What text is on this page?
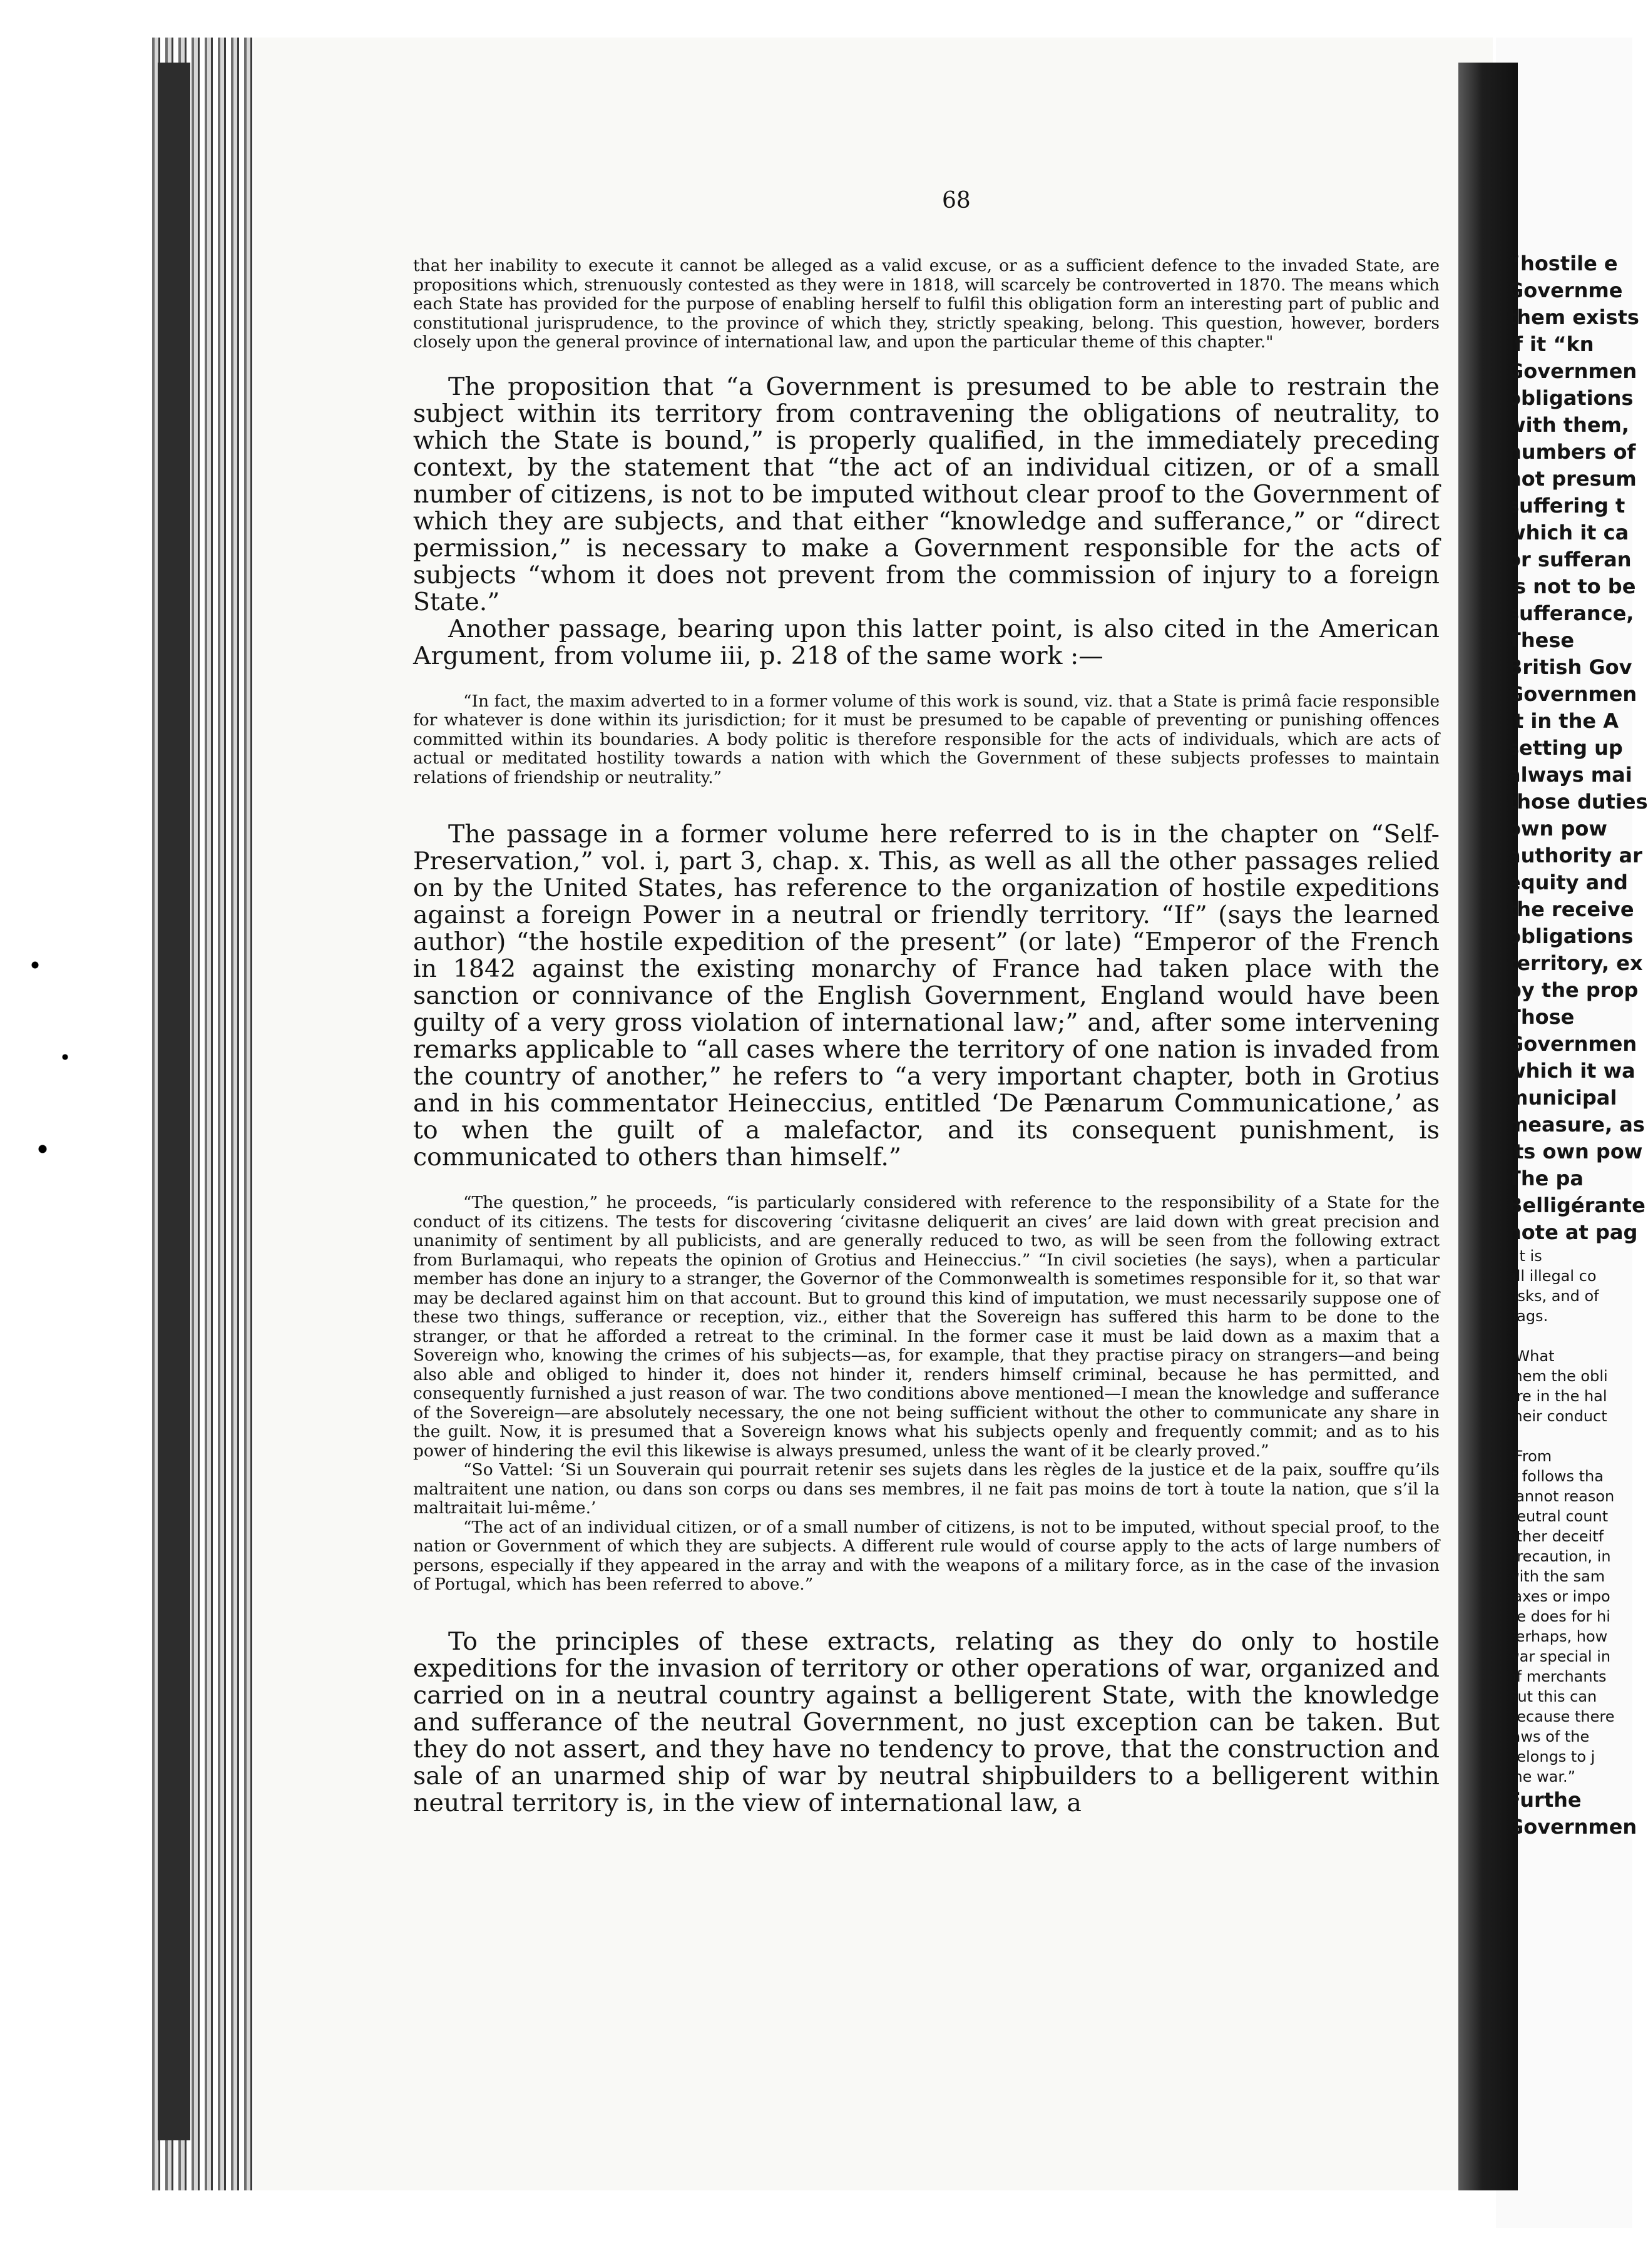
68

that her inability to execute it cannot be alleged as a valid excuse, or as a sufficient defence to the invaded State, are propositions which, strenuously contested as they were in 1818, will scarcely be controverted in 1870. The means which each State has provided for the purpose of enabling herself to fulfil this obligation form an interesting part of public and constitutional jurisprudence, to the province of which they, strictly speaking, belong. This question, however, borders closely upon the general province of international law, and upon the particular theme of this chapter."

The proposition that “a Government is presumed to be able to restrain the subject within its territory from contravening the obligations of neutrality, to which the State is bound,” is properly qualified, in the immediately preceding context, by the statement that “the act of an individual citizen, or of a small number of citizens, is not to be imputed without clear proof to the Government of which they are subjects, and that either “knowledge and sufferance,” or “direct permission,” is necessary to make a Government responsible for the acts of subjects “whom it does not prevent from the commission of injury to a foreign State.”

Another passage, bearing upon this latter point, is also cited in the American Argument, from volume iii, p. 218 of the same work :—

“In fact, the maxim adverted to in a former volume of this work is sound, viz. that a State is primâ facie responsible for whatever is done within its jurisdiction; for it must be presumed to be capable of preventing or punishing offences committed within its boundaries. A body politic is therefore responsible for the acts of individuals, which are acts of actual or meditated hostility towards a nation with which the Government of these subjects professes to maintain relations of friendship or neutrality.”

The passage in a former volume here referred to is in the chapter on “Self-Preservation,” vol. i, part 3, chap. x. This, as well as all the other passages relied on by the United States, has reference to the organization of hostile expeditions against a foreign Power in a neutral or friendly territory. “If” (says the learned author) “the hostile expedition of the present” (or late) “Emperor of the French in 1842 against the existing monarchy of France had taken place with the sanction or connivance of the English Government, England would have been guilty of a very gross violation of international law;” and, after some intervening remarks applicable to “all cases where the territory of one nation is invaded from the country of another,” he refers to “a very important chapter, both in Grotius and in his commentator Heineccius, entitled ‘De Pænarum Communicatione,’ as to when the guilt of a malefactor, and its consequent punishment, is communicated to others than himself.”

“The question,” he proceeds, “is particularly considered with reference to the responsibility of a State for the conduct of its citizens. The tests for discovering ‘civitasne deliquerit an cives’ are laid down with great precision and unanimity of sentiment by all publicists, and are generally reduced to two, as will be seen from the following extract from Burlamaqui, who repeats the opinion of Grotius and Heineccius.” “In civil societies (he says), when a particular member has done an injury to a stranger, the Governor of the Commonwealth is sometimes responsible for it, so that war may be declared against him on that account. But to ground this kind of imputation, we must necessarily suppose one of these two things, sufferance or reception, viz., either that the Sovereign has suffered this harm to be done to the stranger, or that he afforded a retreat to the criminal. In the former case it must be laid down as a maxim that a Sovereign who, knowing the crimes of his subjects—as, for example, that they practise piracy on strangers—and being also able and obliged to hinder it, does not hinder it, renders himself criminal, because he has permitted, and consequently furnished a just reason of war. The two conditions above mentioned—I mean the knowledge and sufferance of the Sovereign—are absolutely necessary, the one not being sufficient without the other to communicate any share in the guilt. Now, it is presumed that a Sovereign knows what his subjects openly and frequently commit; and as to his power of hindering the evil this likewise is always presumed, unless the want of it be clearly proved.”

“So Vattel: ‘Si un Souverain qui pourrait retenir ses sujets dans les règles de la justice et de la paix, souffre qu’ils maltraitent une nation, ou dans son corps ou dans ses membres, il ne fait pas moins de tort à toute la nation, que s’il la maltraitait lui-même.’

“The act of an individual citizen, or of a small number of citizens, is not to be imputed, without special proof, to the nation or Government of which they are subjects. A different rule would of course apply to the acts of large numbers of persons, especially if they appeared in the array and with the weapons of a military force, as in the case of the invasion of Portugal, which has been referred to above.”

To the principles of these extracts, relating as they do only to hostile expeditions for the invasion of territory or other operations of war, organized and carried on in a neutral country against a belligerent State, with the knowledge and sufferance of the neutral Government, no just exception can be taken. But they do not assert, and they have no tendency to prove, that the construction and sale of an unarmed ship of war by neutral shipbuilders to a belligerent within neutral territory is, in the view of international law, a

“hostile e
Governme
them exists
if it “kn
Governmen
obligations
with them,
numbers of
not presum
suffering t
which it ca
or sufferan
is not to be
sufferance,
These
British Gov
Governmen
it in the A
setting up
always mai
those duties
own pow
authority ar
equity and
the receive
obligations
territory, ex
by the prop
Those
Governmen
which it wa
municipal
measure, as
its own pow
The pa
Belligérante
note at pag
“It is
all illegal co
risks, and of
flags.
*
“What
them the obli
are in the hal
their conduct
*
“From
it follows tha
cannot reason
neutral count
other deceitf
precaution, in
with the sam
taxes or impo
he does for hi
Perhaps, how
war special in
of merchants
But this can
because there
laws of the
belongs to j
the war.”
Furthe
Governmen
